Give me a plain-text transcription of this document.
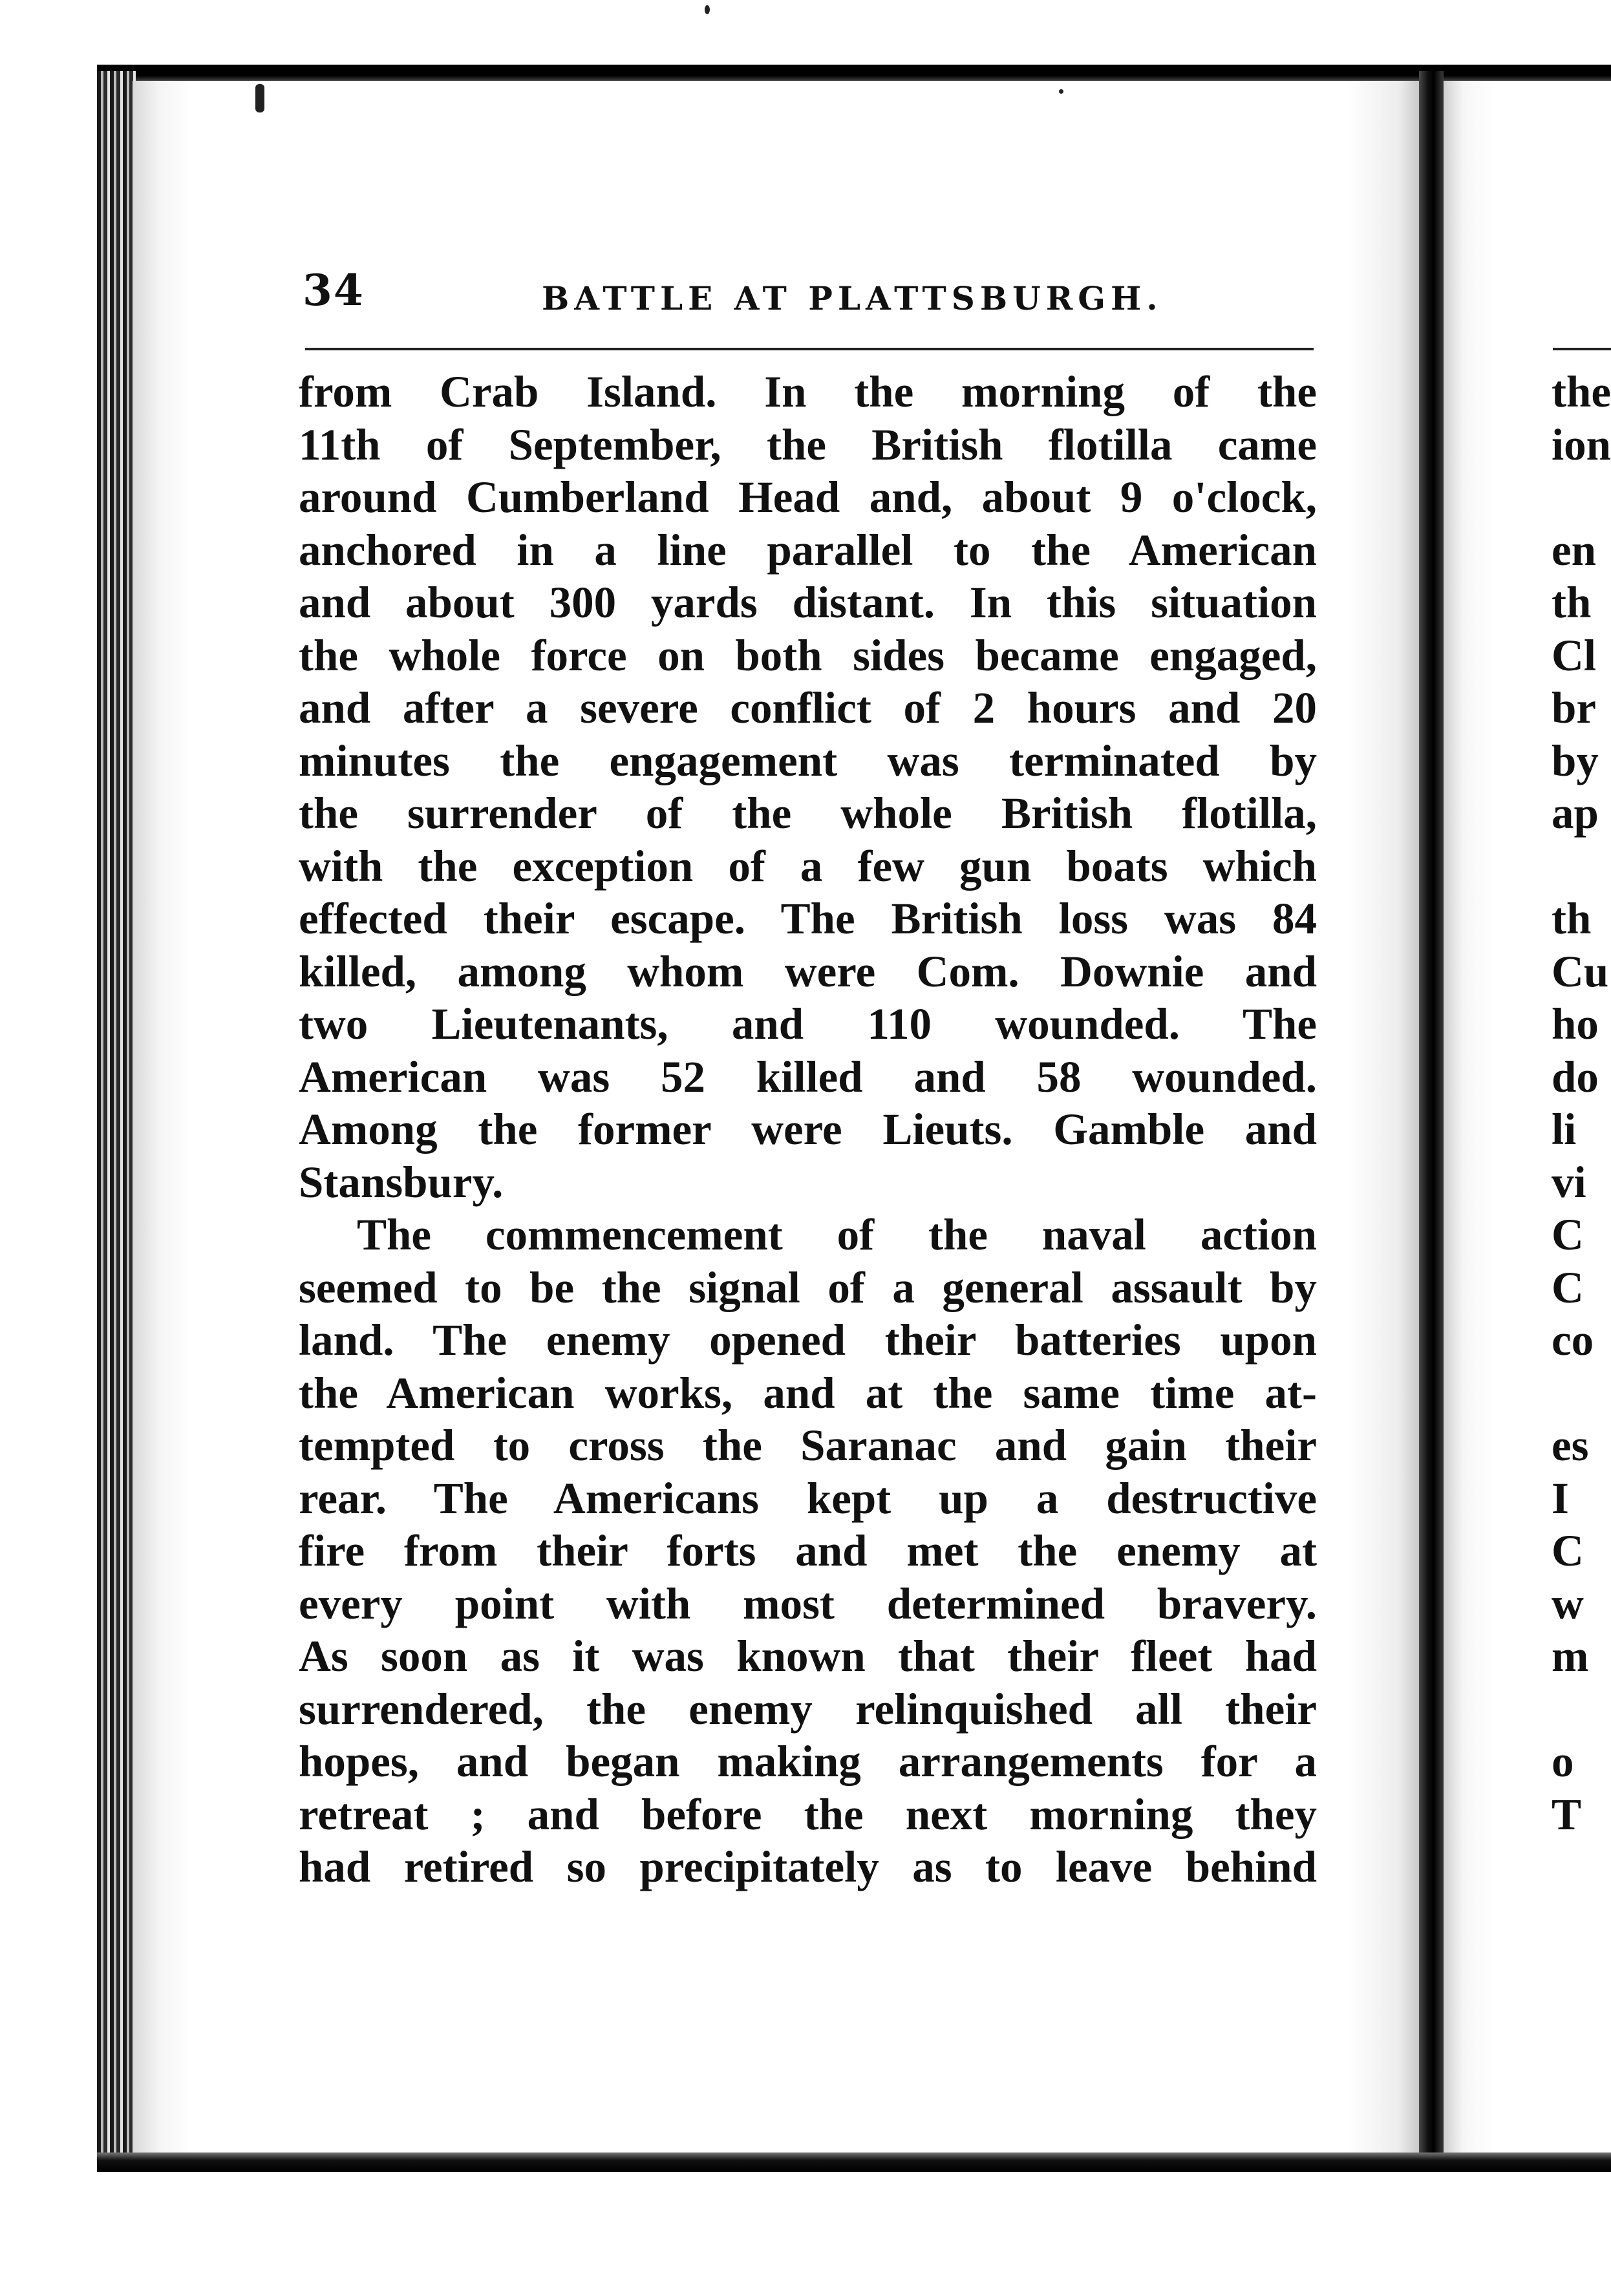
34	BATTLE AT PLATTSBURGH.
from Crab Island. In the morning of the
11th of September, the British flotilla came
around Cumberland Head and, about 9 o'clock,
anchored in a line parallel to the American
and about 300 yards distant. In this situation
the whole force on both sides became engaged,
and after a severe conflict of 2 hours and 20
minutes the engagement was terminated by
the surrender of the whole British flotilla,
with the exception of a few gun boats which
effected their escape. The British loss was 84
killed, among whom were Com. Downie and
two Lieutenants, and 110 wounded. The
American was 52 killed and 58 wounded.
Among the former were Lieuts. Gamble and
Stansbury.
The commencement of the naval action
seemed to be the signal of a general assault by
land. The enemy opened their batteries upon
the American works, and at the same time at-
tempted to cross the Saranac and gain their
rear. The Americans kept up a destructive
fire from their forts and met the enemy at
every point with most determined bravery.
As soon as it was known that their fleet had
surrendered, the enemy relinquished all their
hopes, and began making arrangements for a
retreat ; and before the next morning they
had retired so precipitately as to leave behind
the
ion
en
th
Cl
br
by
ap
th
Cu
ho
do
li
vi
C
C
co
es
I
C
w
m
o
T
